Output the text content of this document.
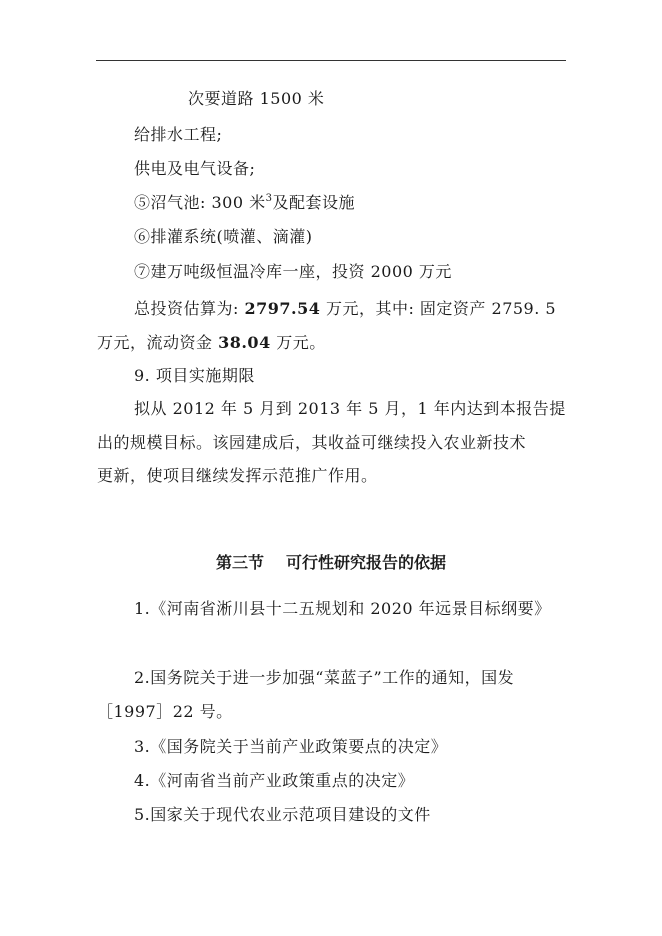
次要道路 1500 米
给排水工程;
供电及电气设备;
⑤沼气池: 300 米$^3$及配套设施
⑥排灌系统(喷灌、滴灌)
⑦建万吨级恒温冷库一座，投资 2000 万元
总投资估算为: 2797.54 万元，其中: 固定资产 2759. 5
万元，流动资金 38.04 万元。
9. 项目实施期限
拟从 2012 年 5 月到 2013 年 5 月，1 年内达到本报告提
出的规模目标。该园建成后，其收益可继续投入农业新技术
更新，使项目继续发挥示范推广作用。
第三节 可行性研究报告的依据
1.《河南省淅川县十二五规划和 2020 年远景目标纲要》
2.国务院关于进一步加强“菜蓝子”工作的通知，国发
［1997］22 号。
3.《国务院关于当前产业政策要点的决定》
4.《河南省当前产业政策重点的决定》
5.国家关于现代农业示范项目建设的文件
